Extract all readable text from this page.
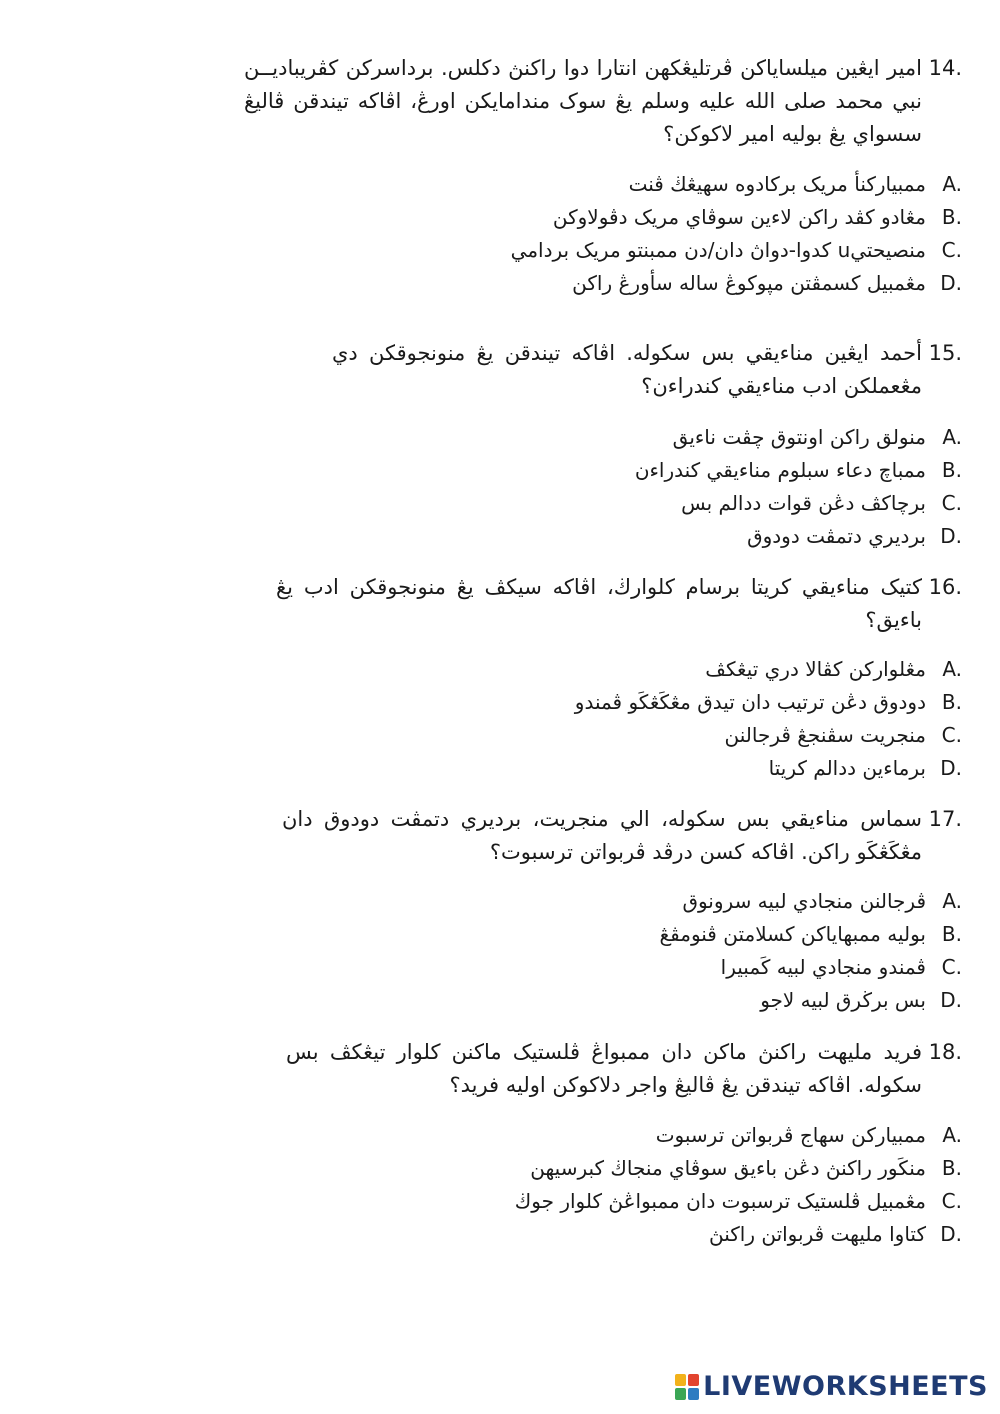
14.
امير ايڠين ميلساياکن ڤرتليڠکهن انتارا دوا راکنڽ دکلس. برداسرکن کڤريباديــن نبي محمد صلى الله عليه وسلم يڠ سوک مندامايکن اورڠ، اڤاکه تيندقن ڤاليڠ سسواي يڠ بوليه امير لاکوکن؟
A.
ممبيارکنأ مريک برکادوه سهيڠڬ ڤنت
B.
مڠادو کڤد راکن لاءين سوڤاي مريک دڤولاوکن
C.
منصيحتيu کدوا-دواڽ دان/دن ممبنتو مريک بردامي
D.
مڠمبيل کسمڤتن مپوکوڠ ساله سأورڠ راکن
15.
أحمد ايڠين مناءيقي بس سکوله. اڤاکه تيندقن يڠ منونجوقکن دي مڠعملکن ادب مناءيقي کندراءن؟
A.
منولق راکن اونتوق چڤت ناءيق
B.
ممباچ دعاء سبلوم مناءيقي کندراءن
C.
برچاکڤ دڠن قوات ددالم بس
D.
برديري دتمڤت دودوق
16.
کتيک مناءيقي کريتا برسام کلوارڬ، اڤاکه سيکڤ يڠ منونجوقکن ادب يڠ باءيق؟
A.
مڠلوارکن کڤالا دري تيڠکڤ
B.
دودوق دڠن ترتيب دان تيدق مڠکَڠکَو ڤمندو
C.
منجريت سڤنجڠ ڤرجالنن
D.
برماءين ددالم کريتا
17.
سماس مناءيقي بس سکوله، الي منجريت، برديري دتمڤت دودوق دان مڠکَڠکَو راکن. اڤاکه کسن درڤد ڤربواتن ترسبوت؟
A.
ڤرجالنن منجادي لبيه سرونوق
B.
بوليه ممبهاياکن کسلامتن ڤنومڤڠ
C.
ڤمندو منجادي لبيه کَمبيرا
D.
بس برڬرق لبيه لاجو
18.
فريد مليهت راکنڽ ماکن دان ممبواڠ ڤلستيک ماکنن کلوار تيڠکڤ بس سکوله. اڤاکه تيندقن يڠ ڤاليڠ واجر دلاکوکن اوليه فريد؟
A.
ممبيارکن سهاج ڤربواتن ترسبوت
B.
منکَور راکنڽ دڠن باءيق سوڤاي منجاڬ کبرسيهن
C.
مڠمبيل ڤلستيک ترسبوت دان ممبواڠڽ کلوار جوڬ
D.
کتاوا مليهت ڤربواتن راکنڽ
LIVEWORKSHEETS
